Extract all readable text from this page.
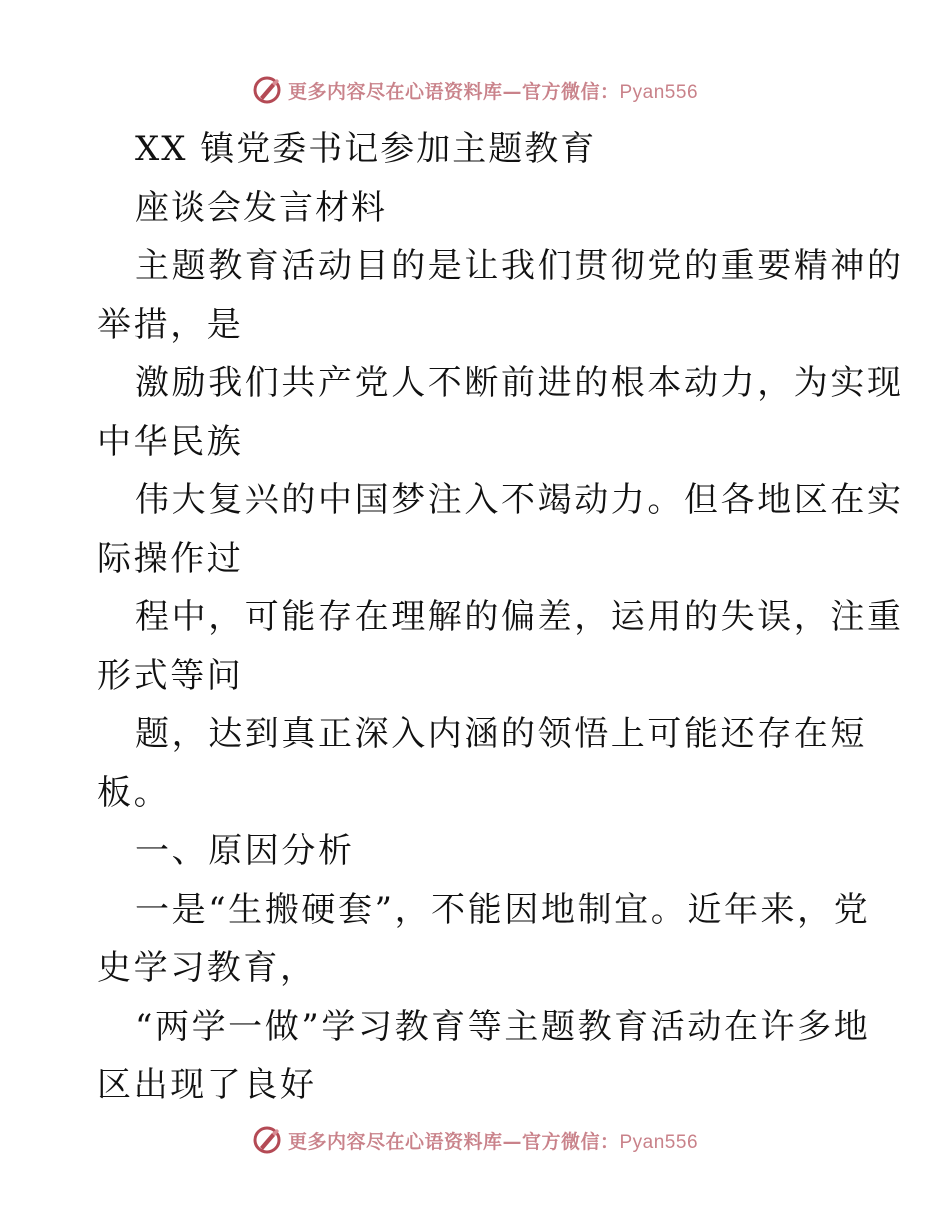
更多内容尽在心语资料库—官方微信：Pyan556
XX 镇党委书记参加主题教育
座谈会发言材料
主题教育活动目的是让我们贯彻党的重要精神的
举措，是
激励我们共产党人不断前进的根本动力，为实现
中华民族
伟大复兴的中国梦注入不竭动力。但各地区在实
际操作过
程中，可能存在理解的偏差，运用的失误，注重
形式等问
题，达到真正深入内涵的领悟上可能还存在短
板。
一、原因分析
一是“生搬硬套”，不能因地制宜。近年来，党
史学习教育，
“两学一做”学习教育等主题教育活动在许多地
区出现了良好
更多内容尽在心语资料库—官方微信：Pyan556
